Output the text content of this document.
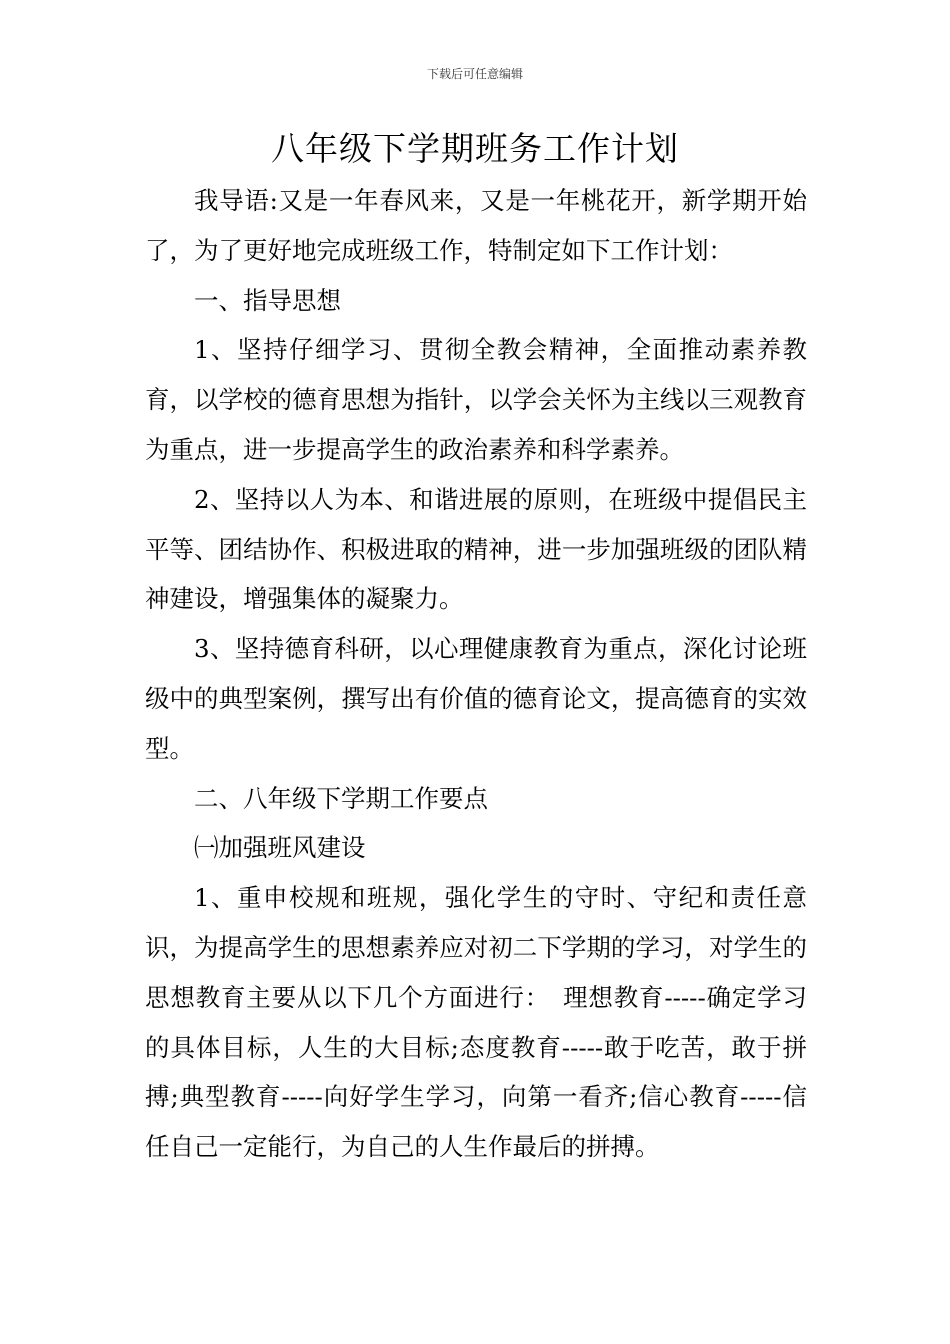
下载后可任意编辑
八年级下学期班务工作计划

我导语:又是一年春风来，又是一年桃花开，新学期开始了，为了更好地完成班级工作，特制定如下工作计划：

一、指导思想

1、坚持仔细学习、贯彻全教会精神，全面推动素养教育，以学校的德育思想为指针，以学会关怀为主线以三观教育为重点，进一步提高学生的政治素养和科学素养。

2、坚持以人为本、和谐进展的原则，在班级中提倡民主平等、团结协作、积极进取的精神，进一步加强班级的团队精神建设，增强集体的凝聚力。

3、坚持德育科研，以心理健康教育为重点，深化讨论班级中的典型案例，撰写出有价值的德育论文，提高德育的实效型。

二、八年级下学期工作要点

㈠加强班风建设

1、重申校规和班规，强化学生的守时、守纪和责任意识，为提高学生的思想素养应对初二下学期的学习，对学生的思想教育主要从以下几个方面进行：　理想教育-----确定学习的具体目标，人生的大目标;态度教育-----敢于吃苦，敢于拼搏;典型教育-----向好学生学习，向第一看齐;信心教育-----信任自己一定能行，为自己的人生作最后的拼搏。
